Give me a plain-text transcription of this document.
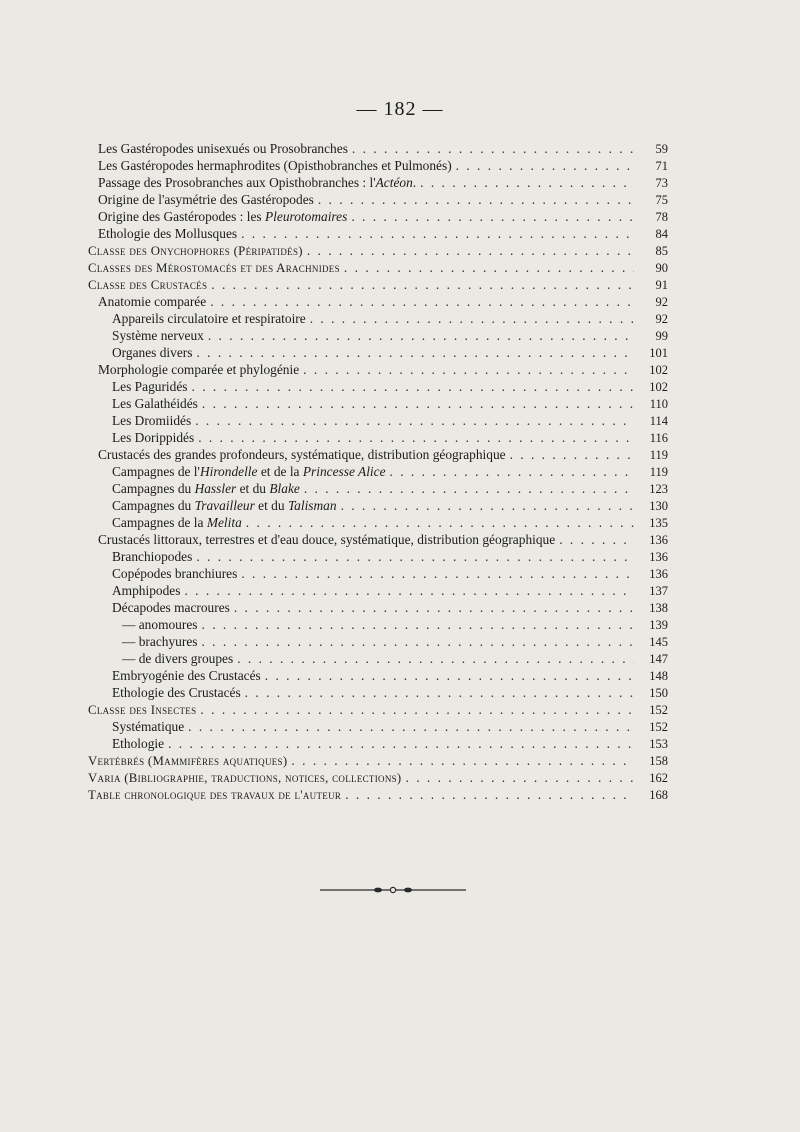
— 182 —
Les Gastéropodes unisexués ou Prosobranches . . .	59
Les Gastéropodes hermaphrodites (Opisthobranches et Pulmonés) . . .	71
Passage des Prosobranches aux Opisthobranches : l'Actéon. . . .	73
Origine de l'asymétrie des Gastéropodes . . .	75
Origine des Gastéropodes : les Pleurotomaires . . .	78
Ethologie des Mollusques . . .	84
Classe des Onychophores (Péripatidés) . . .	85
Classes des Mérostomacés et des Arachnides . . .	90
Classe des Crustacés . . .	91
Anatomie comparée . . .	92
Appareils circulatoire et respiratoire . . .	92
Système nerveux . . .	99
Organes divers . . .	101
Morphologie comparée et phylogénie . . .	102
Les Paguridés . . .	102
Les Galathéidés . . .	110
Les Dromiidés . . .	114
Les Dorippidés . . .	116
Crustacés des grandes profondeurs, systématique, distribution géographique . . .	119
Campagnes de l'Hirondelle et de la Princesse Alice . . .	119
Campagnes du Hassler et du Blake . . .	123
Campagnes du Travailleur et du Talisman . . .	130
Campagnes de la Melita . . .	135
Crustacés littoraux, terrestres et d'eau douce, systématique, distribution géographique . . .	136
Branchiopodes . . .	136
Copépodes branchiures . . .	136
Amphipodes . . .	137
Décapodes macroures . . .	138
— anomoures . . .	139
— brachyures . . .	145
— de divers groupes . . .	147
Embryogénie des Crustacés . . .	148
Ethologie des Crustacés . . .	150
Classe des Insectes . . .	152
Systématique . . .	152
Ethologie . . .	153
Vertébrés (Mammifères aquatiques) . . .	158
Varia (Bibliographie, traductions, notices, collections) . . .	162
Table chronologique des travaux de l'auteur . . .	168
